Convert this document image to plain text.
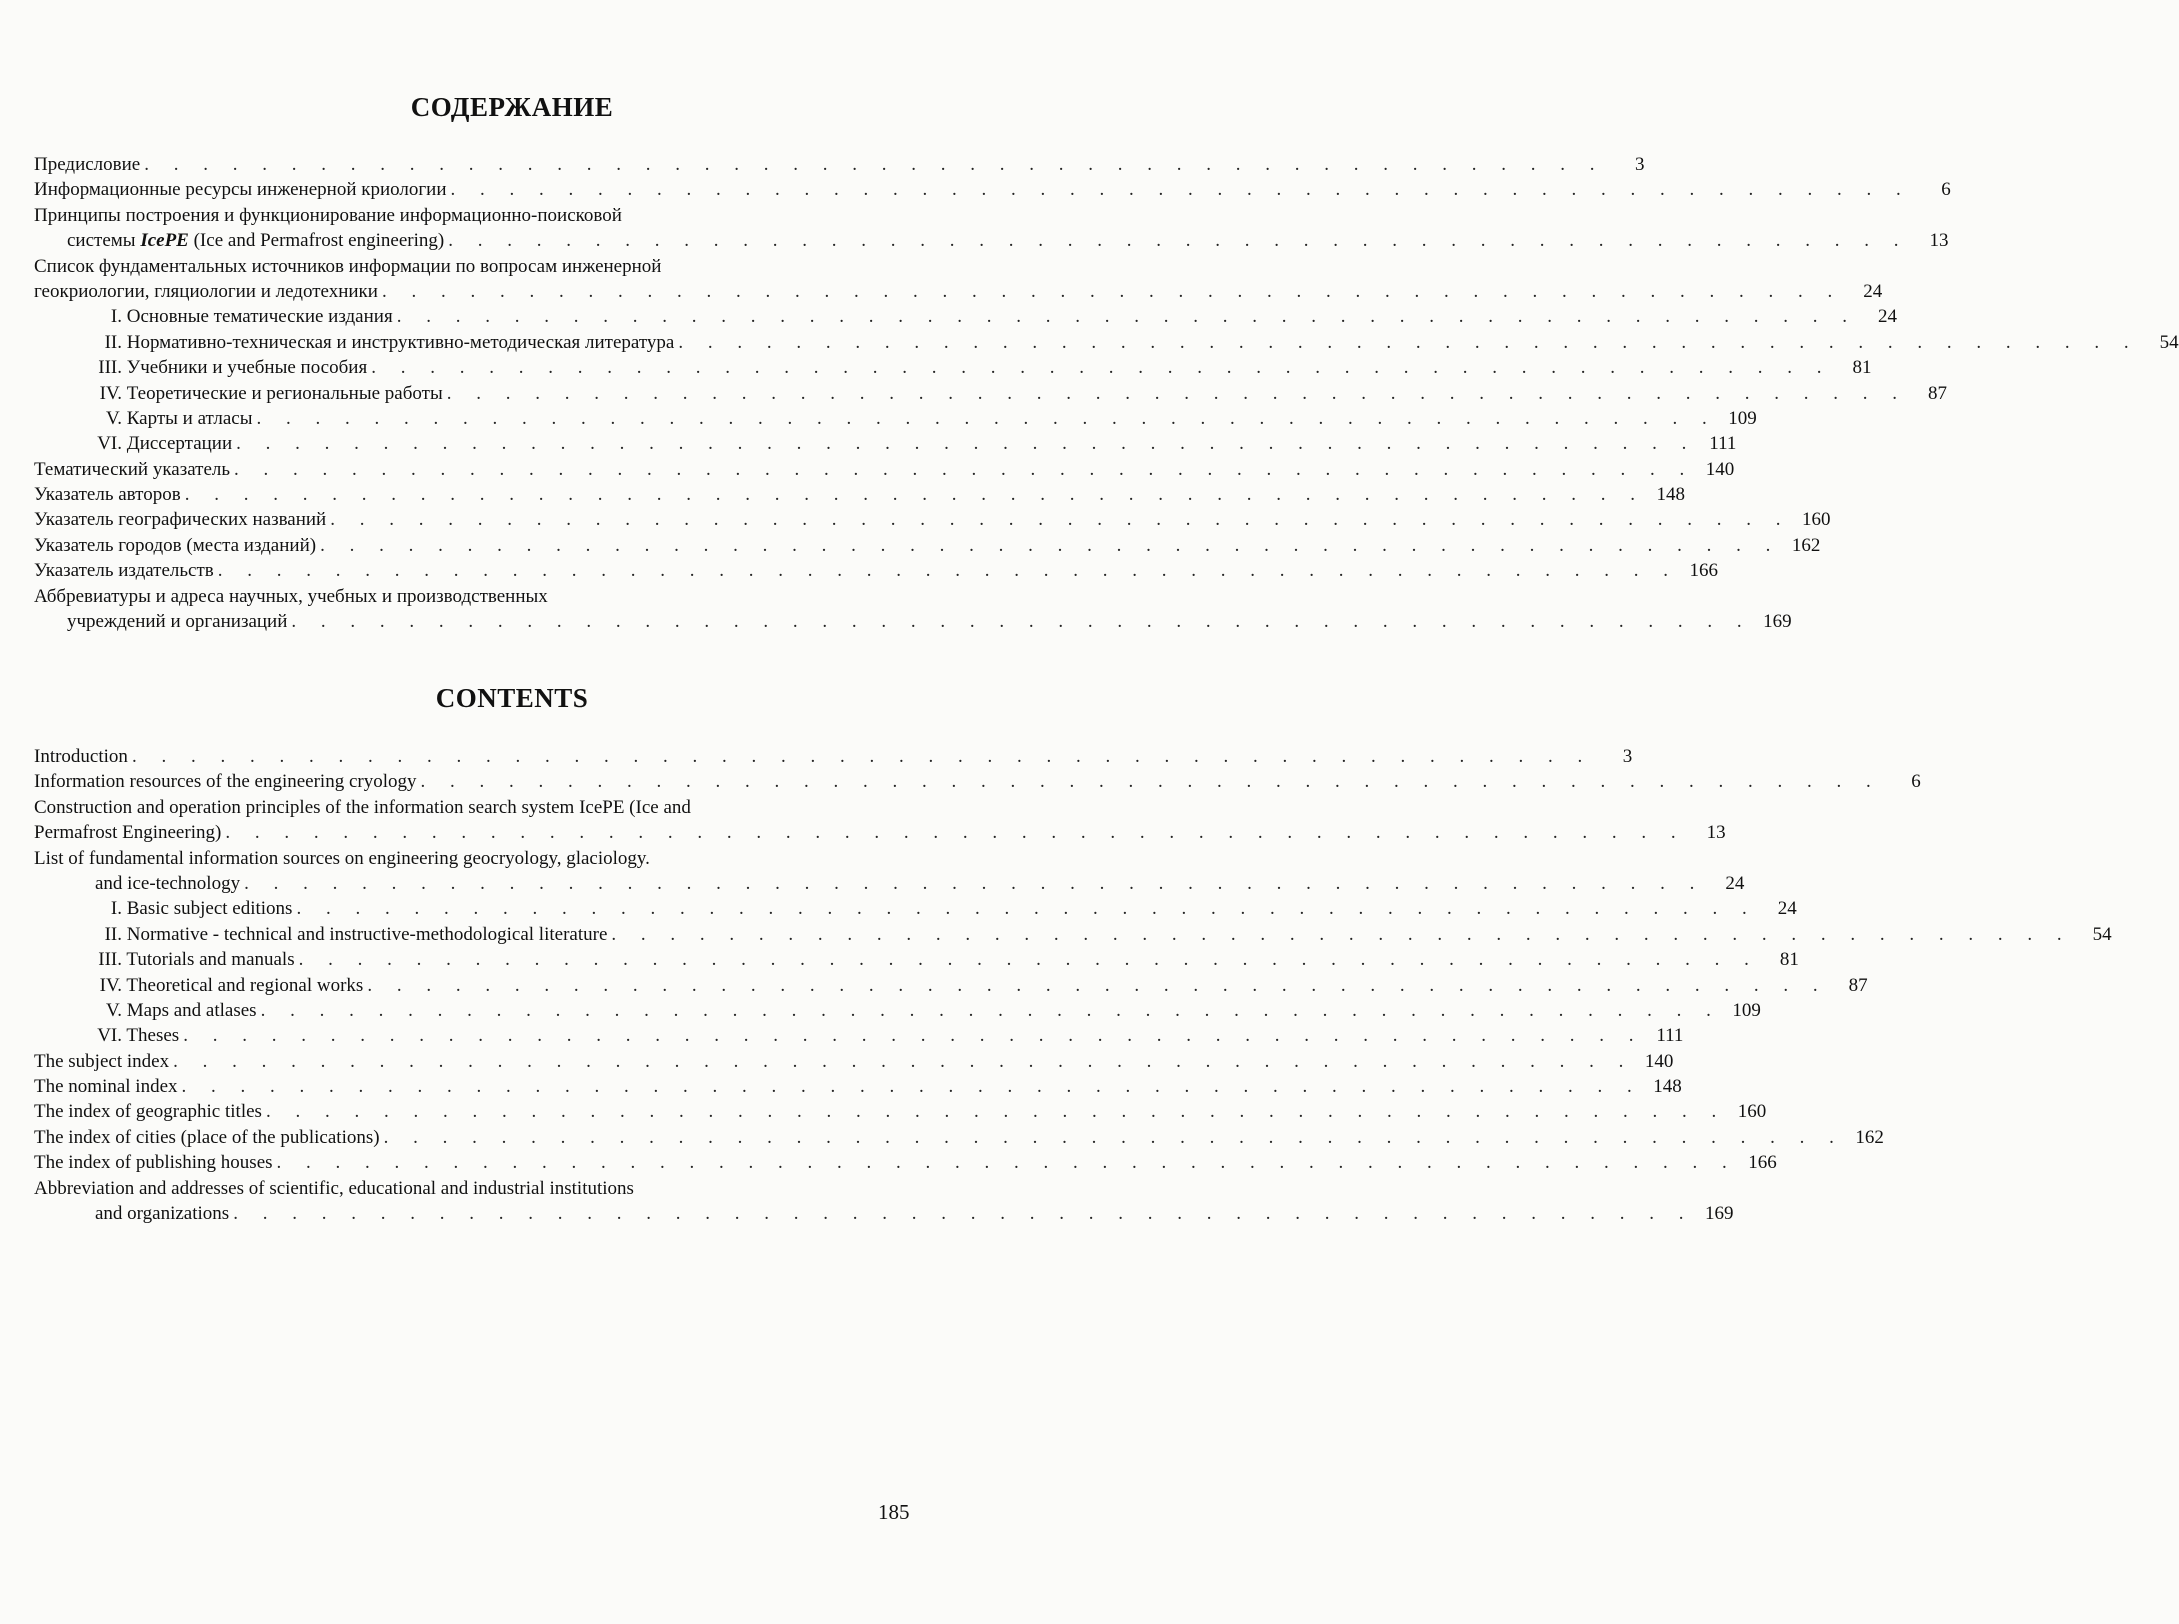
СОДЕРЖАНИЕ
Предисловие . . . . . . . . . . . . . . . . . . . . . . . . . . . . . . . . . . . . . . . . . . . . . . . . . .	3
Информационные ресурсы инженерной криологии . . . . . . . . . . . . . . . . . . . . . . . . . . . . . . . . . . . . . . . . . . . . . . . . . .	6
Принципы построения и функционирование информационно-поисковой
системы IcePE (Ice and Permafrost engineering) . . . . . . . . . . . . . . . . . . . . . . . . . . . . . . . . . . . . . . . . . . . . . . . . . .	13
Список фундаментальных источников информации по вопросам инженерной
геокриологии, гляциологии и ледотехники . . . . . . . . . . . . . . . . . . . . . . . . . . . . . . . . . . . . . . . . . . . . . . . . . .	24
I. Основные тематические издания . . . . . . . . . . . . . . . . . . . . . . . . . . . . . . . . . . . . . . . . . . . . . . . . . .	24
II. Нормативно-техническая и инструктивно-методическая литература . . . . . . . . . . . . . . . . . . . . . . . . . . . . . . . . . . . . . . . . . . . . . . . . . .	54
III. Учебники и учебные пособия . . . . . . . . . . . . . . . . . . . . . . . . . . . . . . . . . . . . . . . . . . . . . . . . . .	81
IV. Теоретические и региональные работы . . . . . . . . . . . . . . . . . . . . . . . . . . . . . . . . . . . . . . . . . . . . . . . . . .	87
V. Карты и атласы . . . . . . . . . . . . . . . . . . . . . . . . . . . . . . . . . . . . . . . . . . . . . . . . . . 109
VI. Диссертации . . . . . . . . . . . . . . . . . . . . . . . . . . . . . . . . . . . . . . . . . . . . . . . . . . 111
Тематический указатель . . . . . . . . . . . . . . . . . . . . . . . . . . . . . . . . . . . . . . . . . . . . . . . . . . 140
Указатель авторов . . . . . . . . . . . . . . . . . . . . . . . . . . . . . . . . . . . . . . . . . . . . . . . . . . 148
Указатель географических названий . . . . . . . . . . . . . . . . . . . . . . . . . . . . . . . . . . . . . . . . . . . . . . . . . . 160
Указатель городов (места изданий) . . . . . . . . . . . . . . . . . . . . . . . . . . . . . . . . . . . . . . . . . . . . . . . . . . 162
Указатель издательств . . . . . . . . . . . . . . . . . . . . . . . . . . . . . . . . . . . . . . . . . . . . . . . . . . 166
Аббревиатуры и адреса научных, учебных и производственных
учреждений и организаций . . . . . . . . . . . . . . . . . . . . . . . . . . . . . . . . . . . . . . . . . . . . . . . . . . 169
CONTENTS
Introduction . . . . . . . . . . . . . . . . . . . . . . . . . . . . . . . . . . . . . . . . . . . . . . . . . .	3
Information resources of the engineering cryology . . . . . . . . . . . . . . . . . . . . . . . . . . . . . . . . . . . . . . . . . . . . . . . . . .	6
Construction and operation principles of the information search system IcePE (Ice and
Permafrost Engineering) . . . . . . . . . . . . . . . . . . . . . . . . . . . . . . . . . . . . . . . . . . . . . . . . . .	13
List of fundamental information sources on engineering geocryology, glaciology.
and ice-technology . . . . . . . . . . . . . . . . . . . . . . . . . . . . . . . . . . . . . . . . . . . . . . . . . .	24
I. Basic subject editions . . . . . . . . . . . . . . . . . . . . . . . . . . . . . . . . . . . . . . . . . . . . . . . . . .	24
II. Normative - technical and instructive-methodological literature . . . . . . . . . . . . . . . . . . . . . . . . . . . . . . . . . . . . . . . . . . . . . . . . . .	54
III. Tutorials and manuals . . . . . . . . . . . . . . . . . . . . . . . . . . . . . . . . . . . . . . . . . . . . . . . . . .	81
IV. Theoretical and regional works . . . . . . . . . . . . . . . . . . . . . . . . . . . . . . . . . . . . . . . . . . . . . . . . . .	87
V. Maps and atlases . . . . . . . . . . . . . . . . . . . . . . . . . . . . . . . . . . . . . . . . . . . . . . . . . . 109
VI. Theses . . . . . . . . . . . . . . . . . . . . . . . . . . . . . . . . . . . . . . . . . . . . . . . . . . 111
The subject index . . . . . . . . . . . . . . . . . . . . . . . . . . . . . . . . . . . . . . . . . . . . . . . . . . 140
The nominal index . . . . . . . . . . . . . . . . . . . . . . . . . . . . . . . . . . . . . . . . . . . . . . . . . . 148
The index of geographic titles . . . . . . . . . . . . . . . . . . . . . . . . . . . . . . . . . . . . . . . . . . . . . . . . . . 160
The index of cities (place of the publications) . . . . . . . . . . . . . . . . . . . . . . . . . . . . . . . . . . . . . . . . . . . . . . . . . . 162
The index of publishing houses . . . . . . . . . . . . . . . . . . . . . . . . . . . . . . . . . . . . . . . . . . . . . . . . . . 166
Abbreviation and addresses of scientific, educational and industrial institutions
and organizations . . . . . . . . . . . . . . . . . . . . . . . . . . . . . . . . . . . . . . . . . . . . . . . . . . 169
185
